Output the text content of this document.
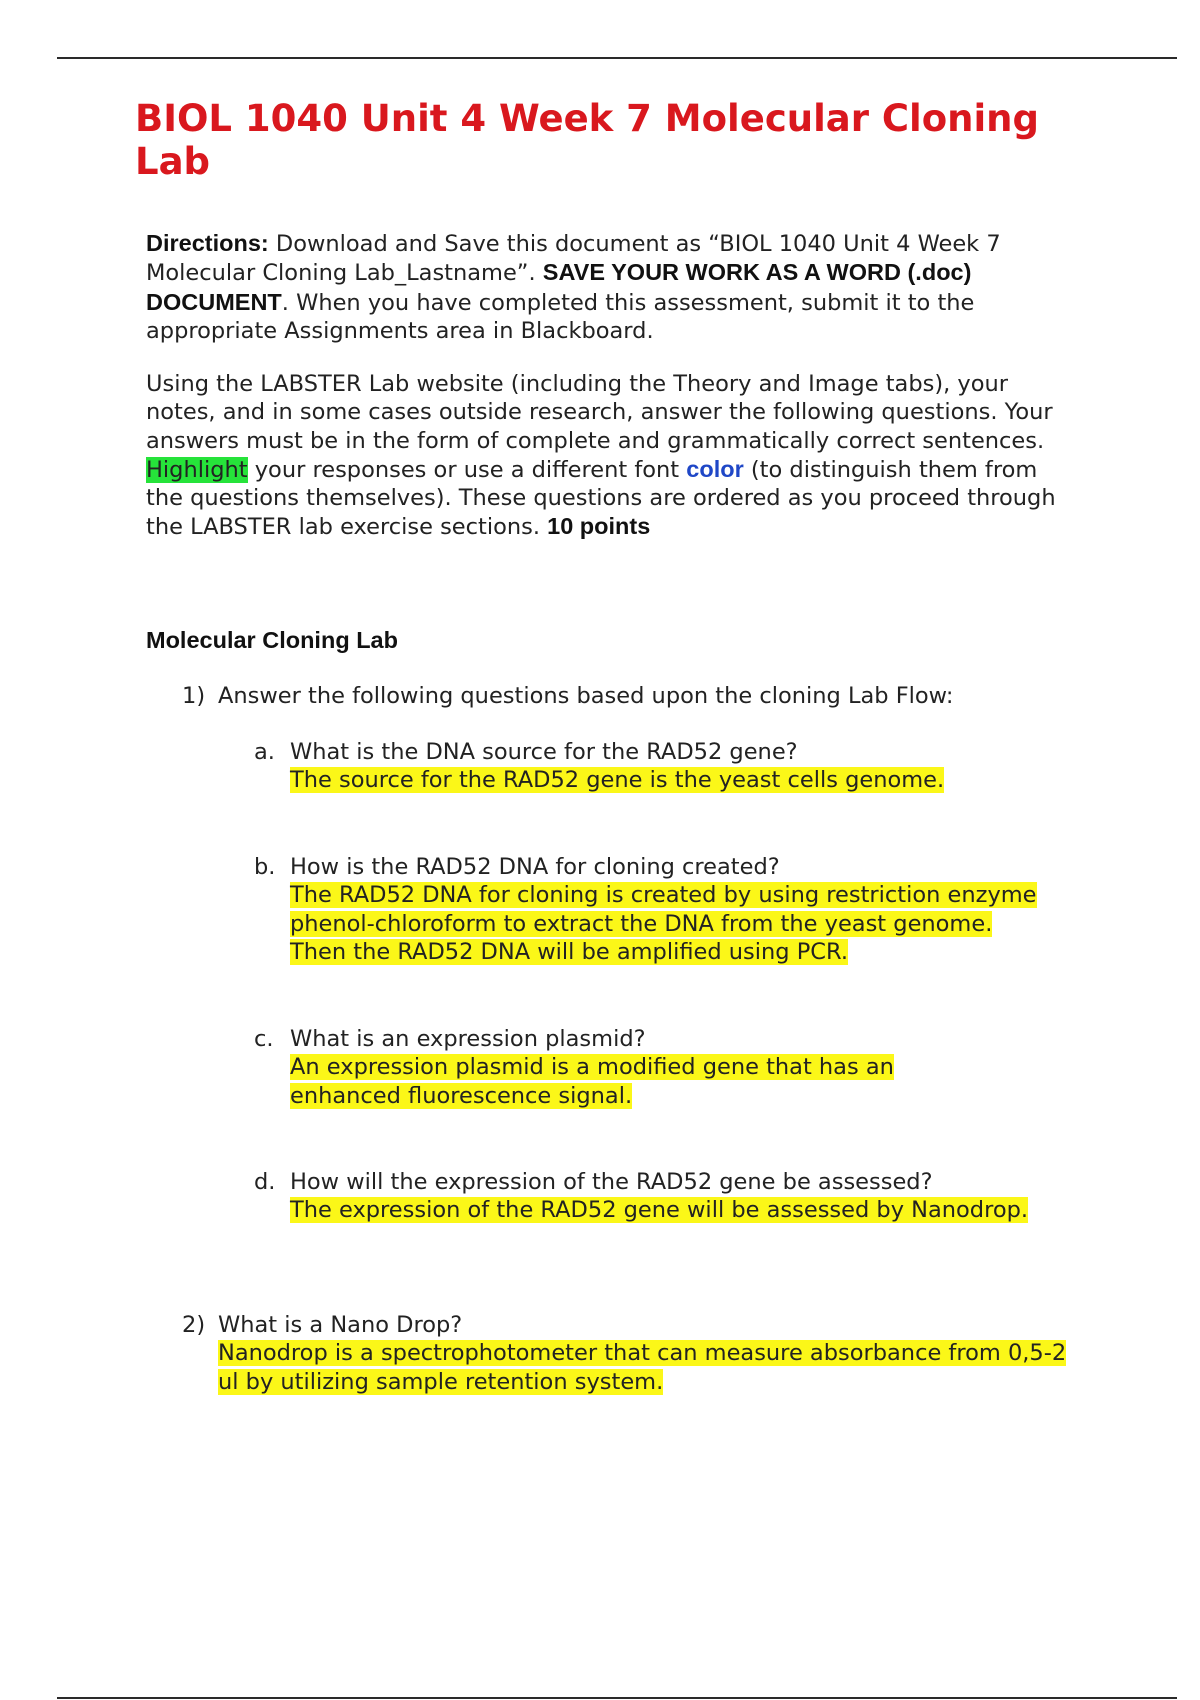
BIOL 1040 Unit 4 Week 7 Molecular Cloning Lab

Directions: Download and Save this document as “BIOL 1040 Unit 4 Week 7 Molecular Cloning Lab_Lastname”. SAVE YOUR WORK AS A WORD (.doc) DOCUMENT. When you have completed this assessment, submit it to the appropriate Assignments area in Blackboard.

Using the LABSTER Lab website (including the Theory and Image tabs), your notes, and in some cases outside research, answer the following questions. Your answers must be in the form of complete and grammatically correct sentences. Highlight your responses or use a different font color (to distinguish them from the questions themselves). These questions are ordered as you proceed through the LABSTER lab exercise sections. 10 points

Molecular Cloning Lab
1) Answer the following questions based upon the cloning Lab Flow:
a. What is the DNA source for the RAD52 gene?
The source for the RAD52 gene is the yeast cells genome.
b. How is the RAD52 DNA for cloning created?
The RAD52 DNA for cloning is created by using restriction enzyme phenol-chloroform to extract the DNA from the yeast genome. Then the RAD52 DNA will be amplified using PCR.
c. What is an expression plasmid?
An expression plasmid is a modified gene that has an enhanced fluorescence signal.
d. How will the expression of the RAD52 gene be assessed?
The expression of the RAD52 gene will be assessed by Nanodrop.
2) What is a Nano Drop?
Nanodrop is a spectrophotometer that can measure absorbance from 0,5-2 ul by utilizing sample retention system.
